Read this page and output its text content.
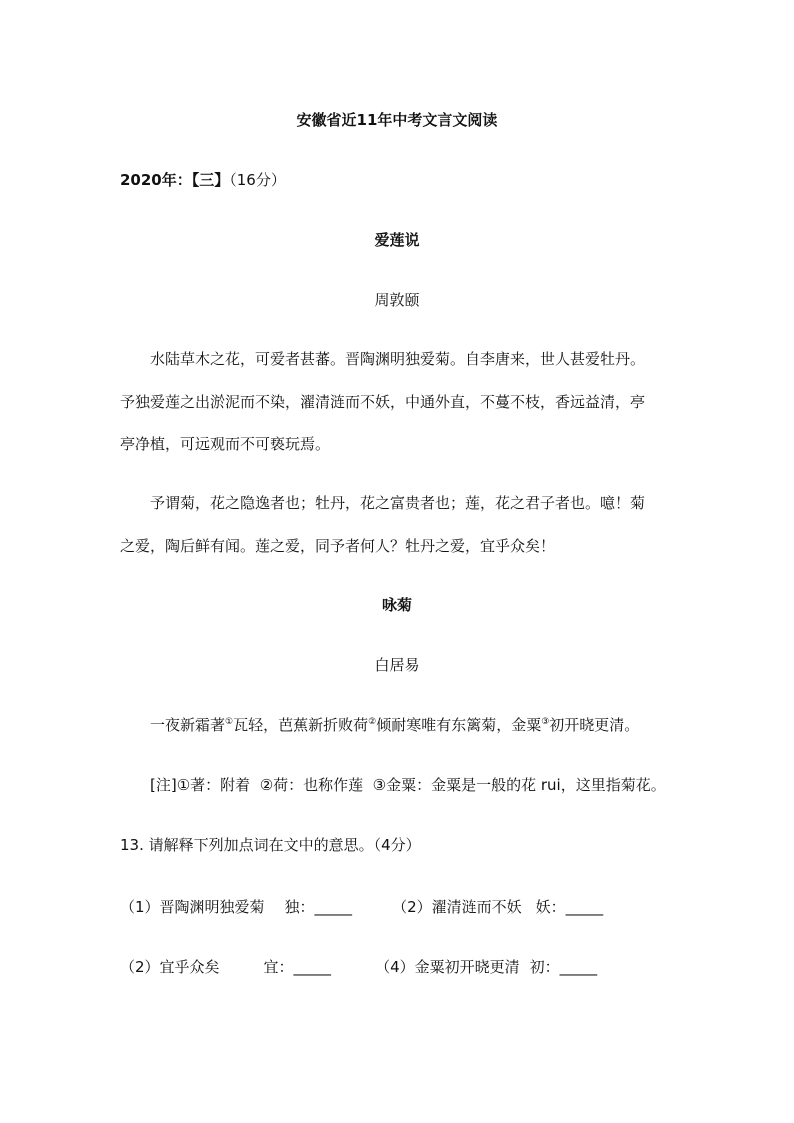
安徽省近11年中考文言文阅读
2020年：【三】（16分）
爱莲说
周敦颐
水陆草木之花，可爱者甚蕃。晋陶渊明独爱菊。自李唐来，世人甚爱牡丹。
予独爱莲之出淤泥而不染，濯清涟而不妖，中通外直，不蔓不枝，香远益清，亭
亭净植，可远观而不可亵玩焉。
予谓菊，花之隐逸者也；牡丹，花之富贵者也；莲，花之君子者也。噫！菊
之爱，陶后鲜有闻。莲之爱，同予者何人？牡丹之爱，宜乎众矣！
咏菊
白居易
一夜新霜著①瓦轻，芭蕉新折败荷②倾耐寒唯有东篱菊，金粟③初开晓更清。
[注]①著：附着  ②荷：也称作莲  ③金粟：金粟是一般的花 rui，这里指菊花。
13. 请解释下列加点词在文中的意思。（4分）
（1）晋陶渊明独爱菊 独：_____	（2）濯清涟而不妖 妖：_____
（2）宜乎众矣	宜：_____	（4）金粟初开晓更清 初：_____
